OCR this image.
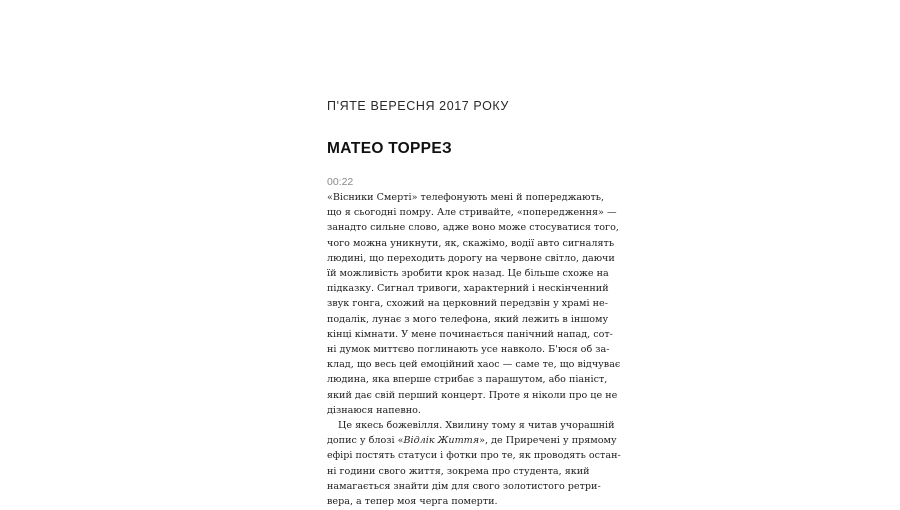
П'ЯТЕ ВЕРЕСНЯ 2017 РОКУ
МАТЕО ТОРРЕЗ
00:22
«Вісники Смерті» телефонують мені й попереджають,
що я сьогодні помру. Але стривайте, «попередження» —
занадто сильне слово, адже воно може стосуватися того,
чого можна уникнути, як, скажімо, водії авто сигналять
людині, що переходить дорогу на червоне світло, даючи
їй можливість зробити крок назад. Це більше схоже на
підказку. Сигнал тривоги, характерний і нескінченний
звук гонга, схожий на церковний передзвін у храмі не-
подалік, лунає з мого телефона, який лежить в іншому
кінці кімнати. У мене починається панічний напад, сот-
ні думок миттєво поглинають усе навколо. Б'юся об за-
клад, що весь цей емоційний хаос — саме те, що відчуває
людина, яка вперше стрибає з парашутом, або піаніст,
який дає свій перший концерт. Проте я ніколи про це не
дізнаюся напевно.
Це якесь божевілля. Хвилину тому я читав учорашній
допис у блозі «Відлік Життя», де Приречені у прямому
ефірі постять статуси і фотки про те, як проводять остан-
ні години свого життя, зокрема про студента, який
намагається знайти дім для свого золотистого ретри-
вера, а тепер моя черга померти.
